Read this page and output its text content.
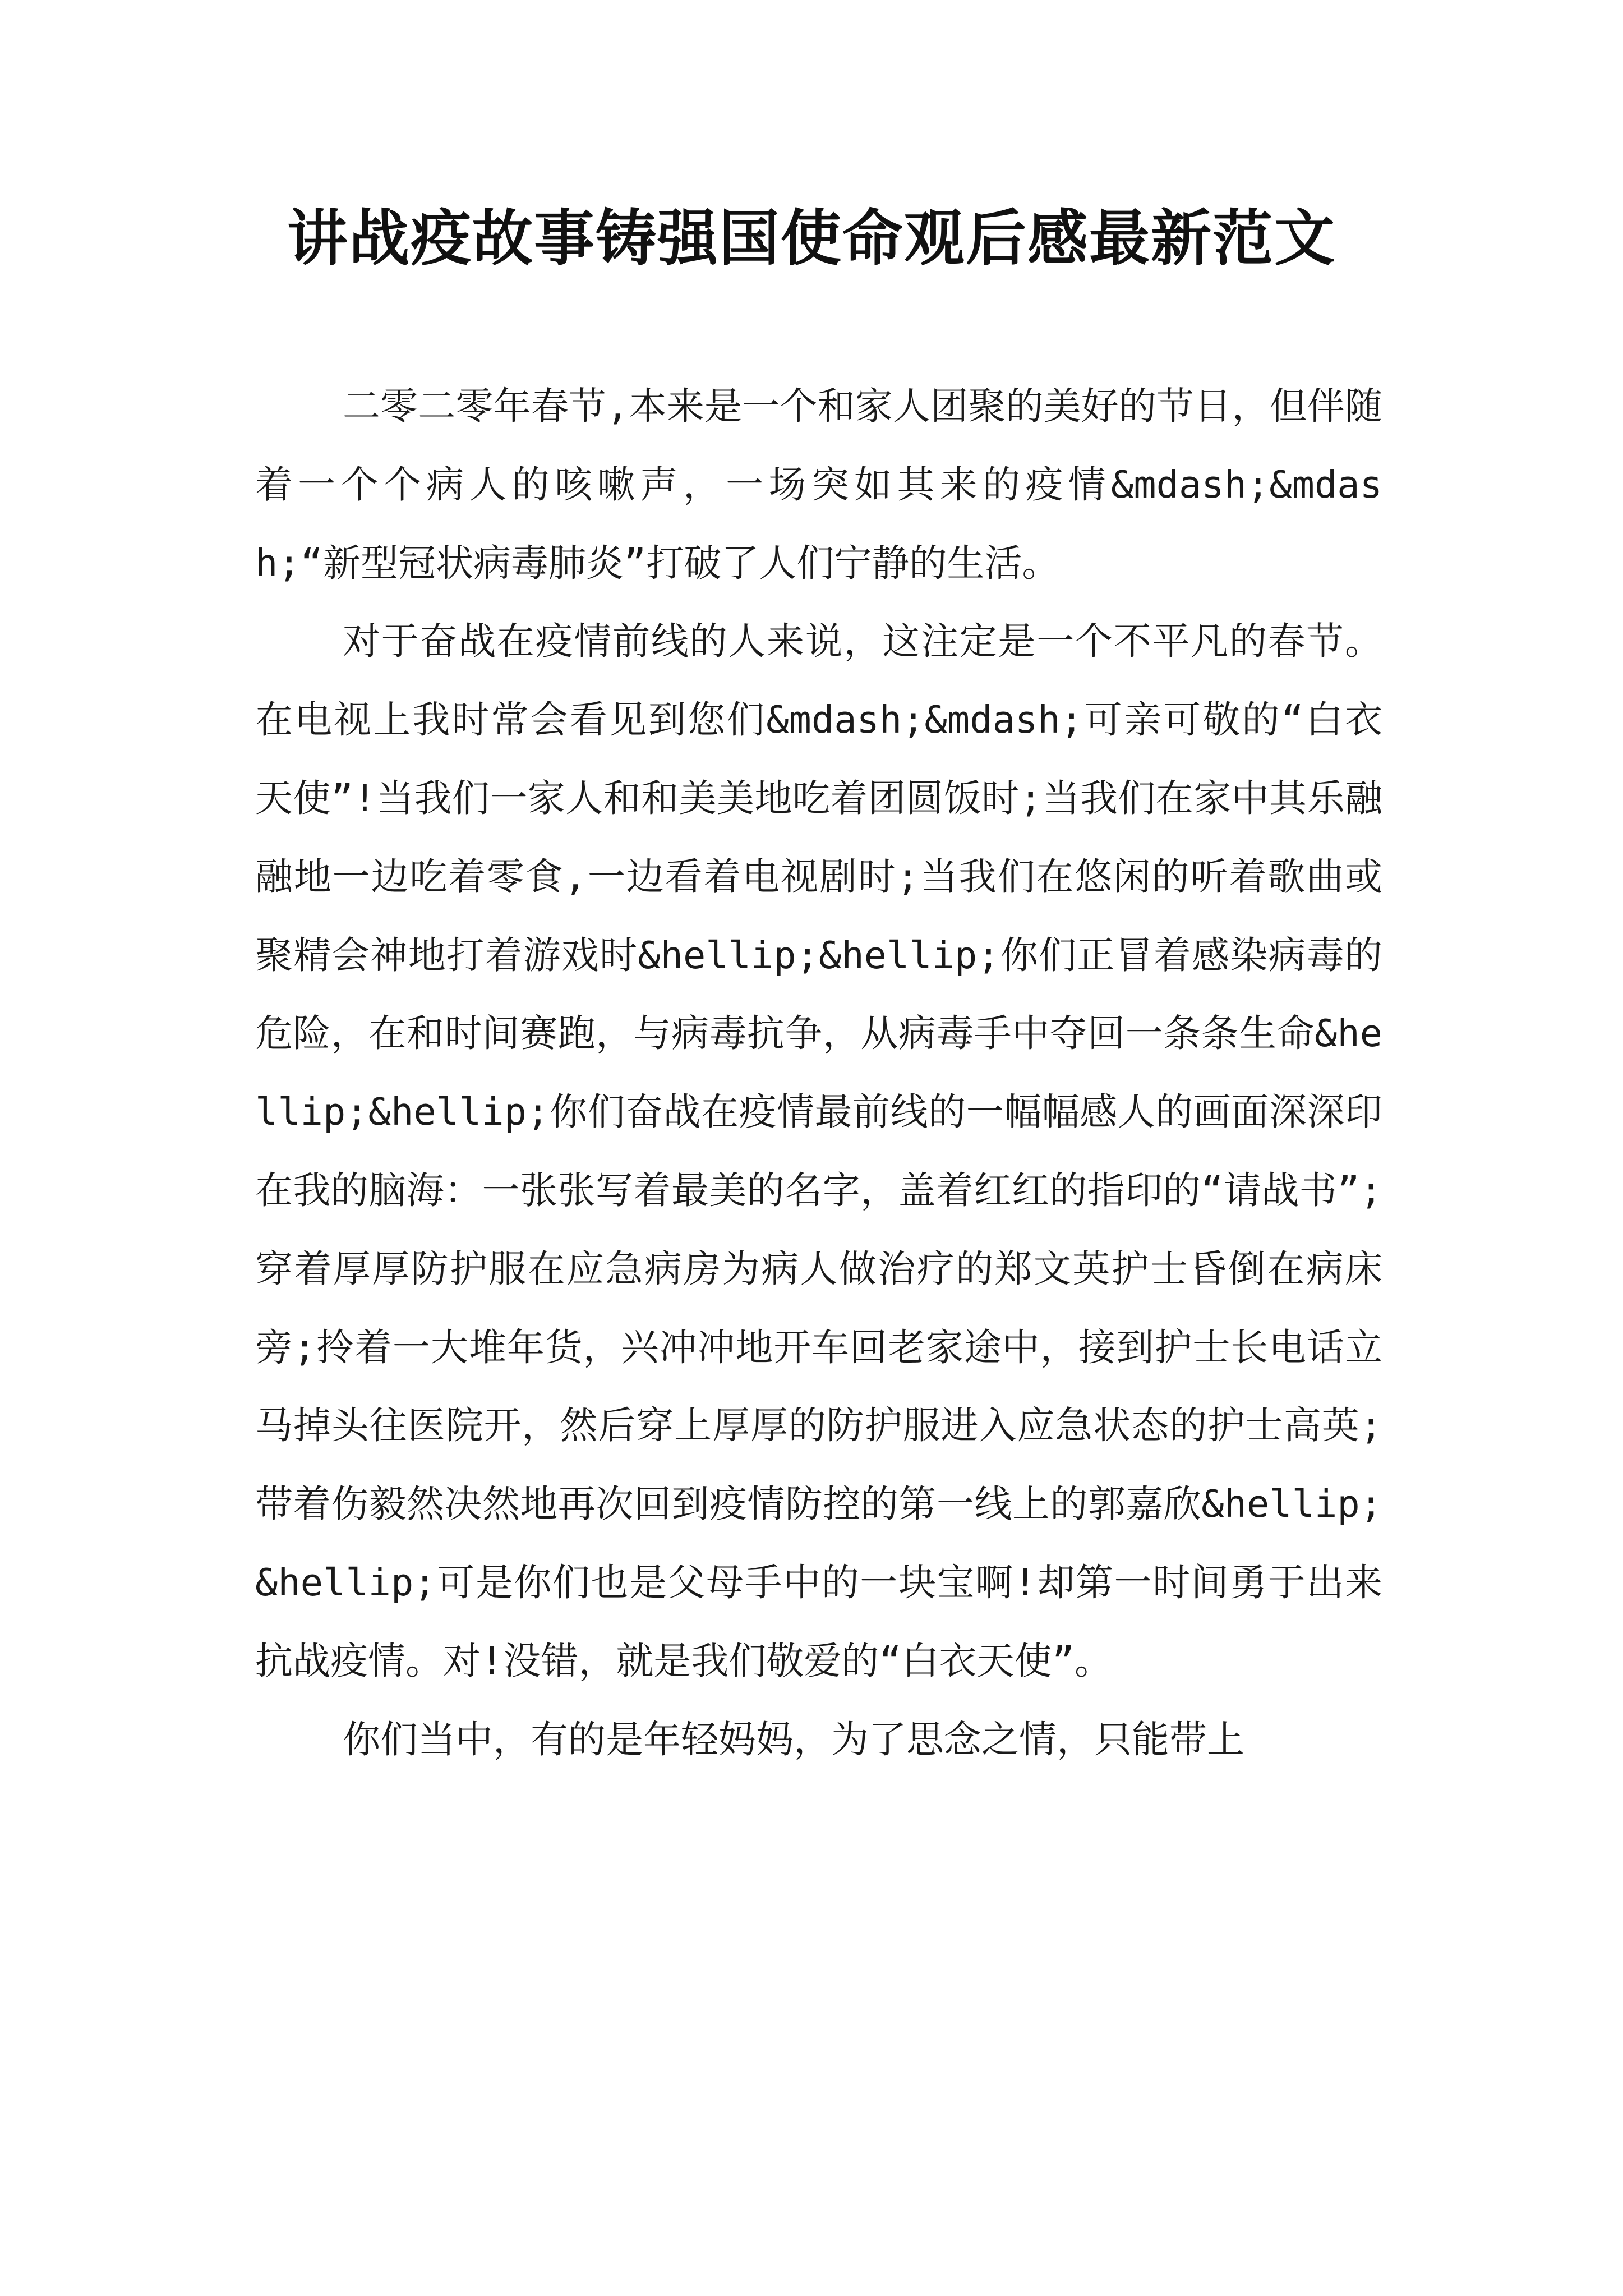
讲战疫故事铸强国使命观后感最新范文

二零二零年春节,本来是一个和家人团聚的美好的节日，但伴随着一个个病人的咳嗽声，一场突如其来的疫情&mdash;&mdash;“新型冠状病毒肺炎”打破了人们宁静的生活。

对于奋战在疫情前线的人来说，这注定是一个不平凡的春节。在电视上我时常会看见到您们&mdash;&mdash;可亲可敬的“白衣天使”!当我们一家人和和美美地吃着团圆饭时;当我们在家中其乐融融地一边吃着零食,一边看着电视剧时;当我们在悠闲的听着歌曲或聚精会神地打着游戏时&hellip;&hellip;你们正冒着感染病毒的危险，在和时间赛跑，与病毒抗争，从病毒手中夺回一条条生命&hellip;&hellip;你们奋战在疫情最前线的一幅幅感人的画面深深印在我的脑海：一张张写着最美的名字，盖着红红的指印的“请战书”;穿着厚厚防护服在应急病房为病人做治疗的郑文英护士昏倒在病床旁;拎着一大堆年货，兴冲冲地开车回老家途中，接到护士长电话立马掉头往医院开，然后穿上厚厚的防护服进入应急状态的护士高英;带着伤毅然决然地再次回到疫情防控的第一线上的郭嘉欣&hellip;&hellip;可是你们也是父母手中的一块宝啊!却第一时间勇于出来抗战疫情。对!没错，就是我们敬爱的“白衣天使”。

你们当中，有的是年轻妈妈，为了思念之情，只能带上
